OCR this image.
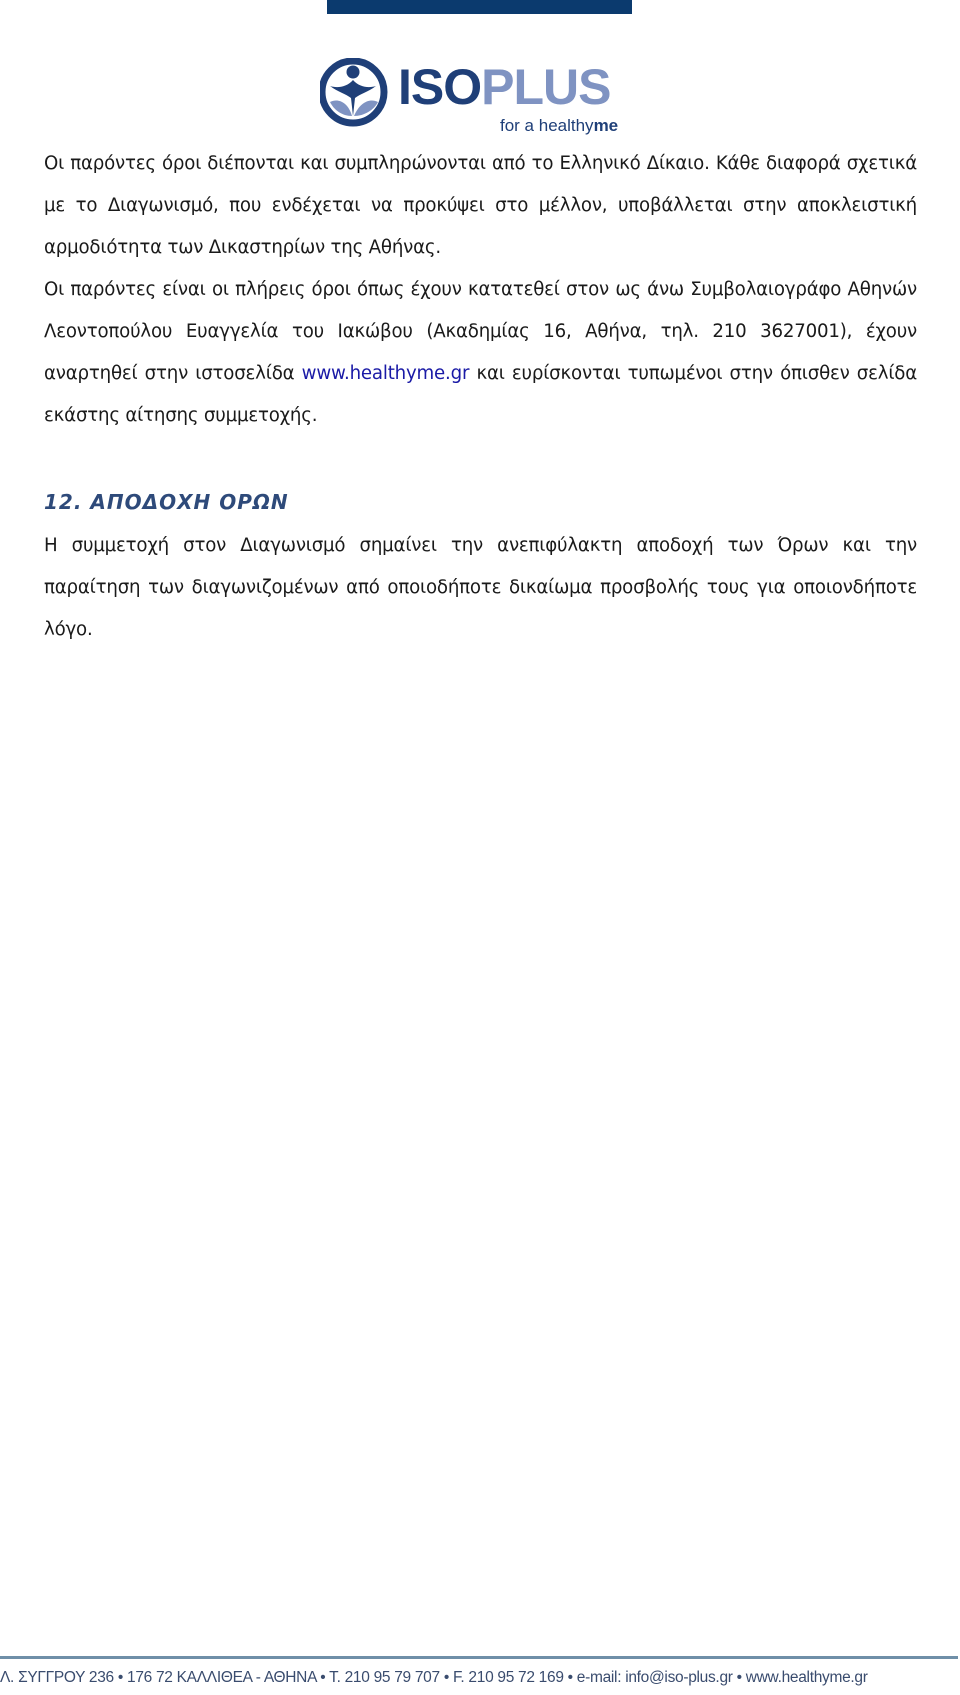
ISOPLUS
for a healthyme

Οι παρόντες όροι διέπονται και συμπληρώνονται από το Ελληνικό Δίκαιο. Κάθε διαφορά σχετικά με το Διαγωνισμό, που ενδέχεται να προκύψει στο μέλλον, υποβάλλεται στην αποκλειστική αρμοδιότητα των Δικαστηρίων της Αθήνας.

Οι παρόντες είναι οι πλήρεις όροι όπως έχουν κατατεθεί στον ως άνω Συμβολαιογράφο Αθηνών Λεοντοπούλου Ευαγγελία του Ιακώβου (Ακαδημίας 16, Αθήνα, τηλ. 210 3627001), έχουν αναρτηθεί στην ιστοσελίδα www.healthyme.gr και ευρίσκονται τυπωμένοι στην όπισθεν σελίδα εκάστης αίτησης συμμετοχής.

12. ΑΠΟΔΟΧΗ ΟΡΩΝ

Η συμμετοχή στον Διαγωνισμό σημαίνει την ανεπιφύλακτη αποδοχή των Όρων και την παραίτηση των διαγωνιζομένων από οποιοδήποτε δικαίωμα προσβολής τους για οποιονδήποτε λόγο.

Λ. ΣΥΓΓΡΟΥ 236 • 176 72 ΚΑΛΛΙΘΕΑ - ΑΘΗΝΑ • Τ. 210 95 79 707 • F. 210 95 72 169 • e-mail: info@iso-plus.gr • www.healthyme.gr
